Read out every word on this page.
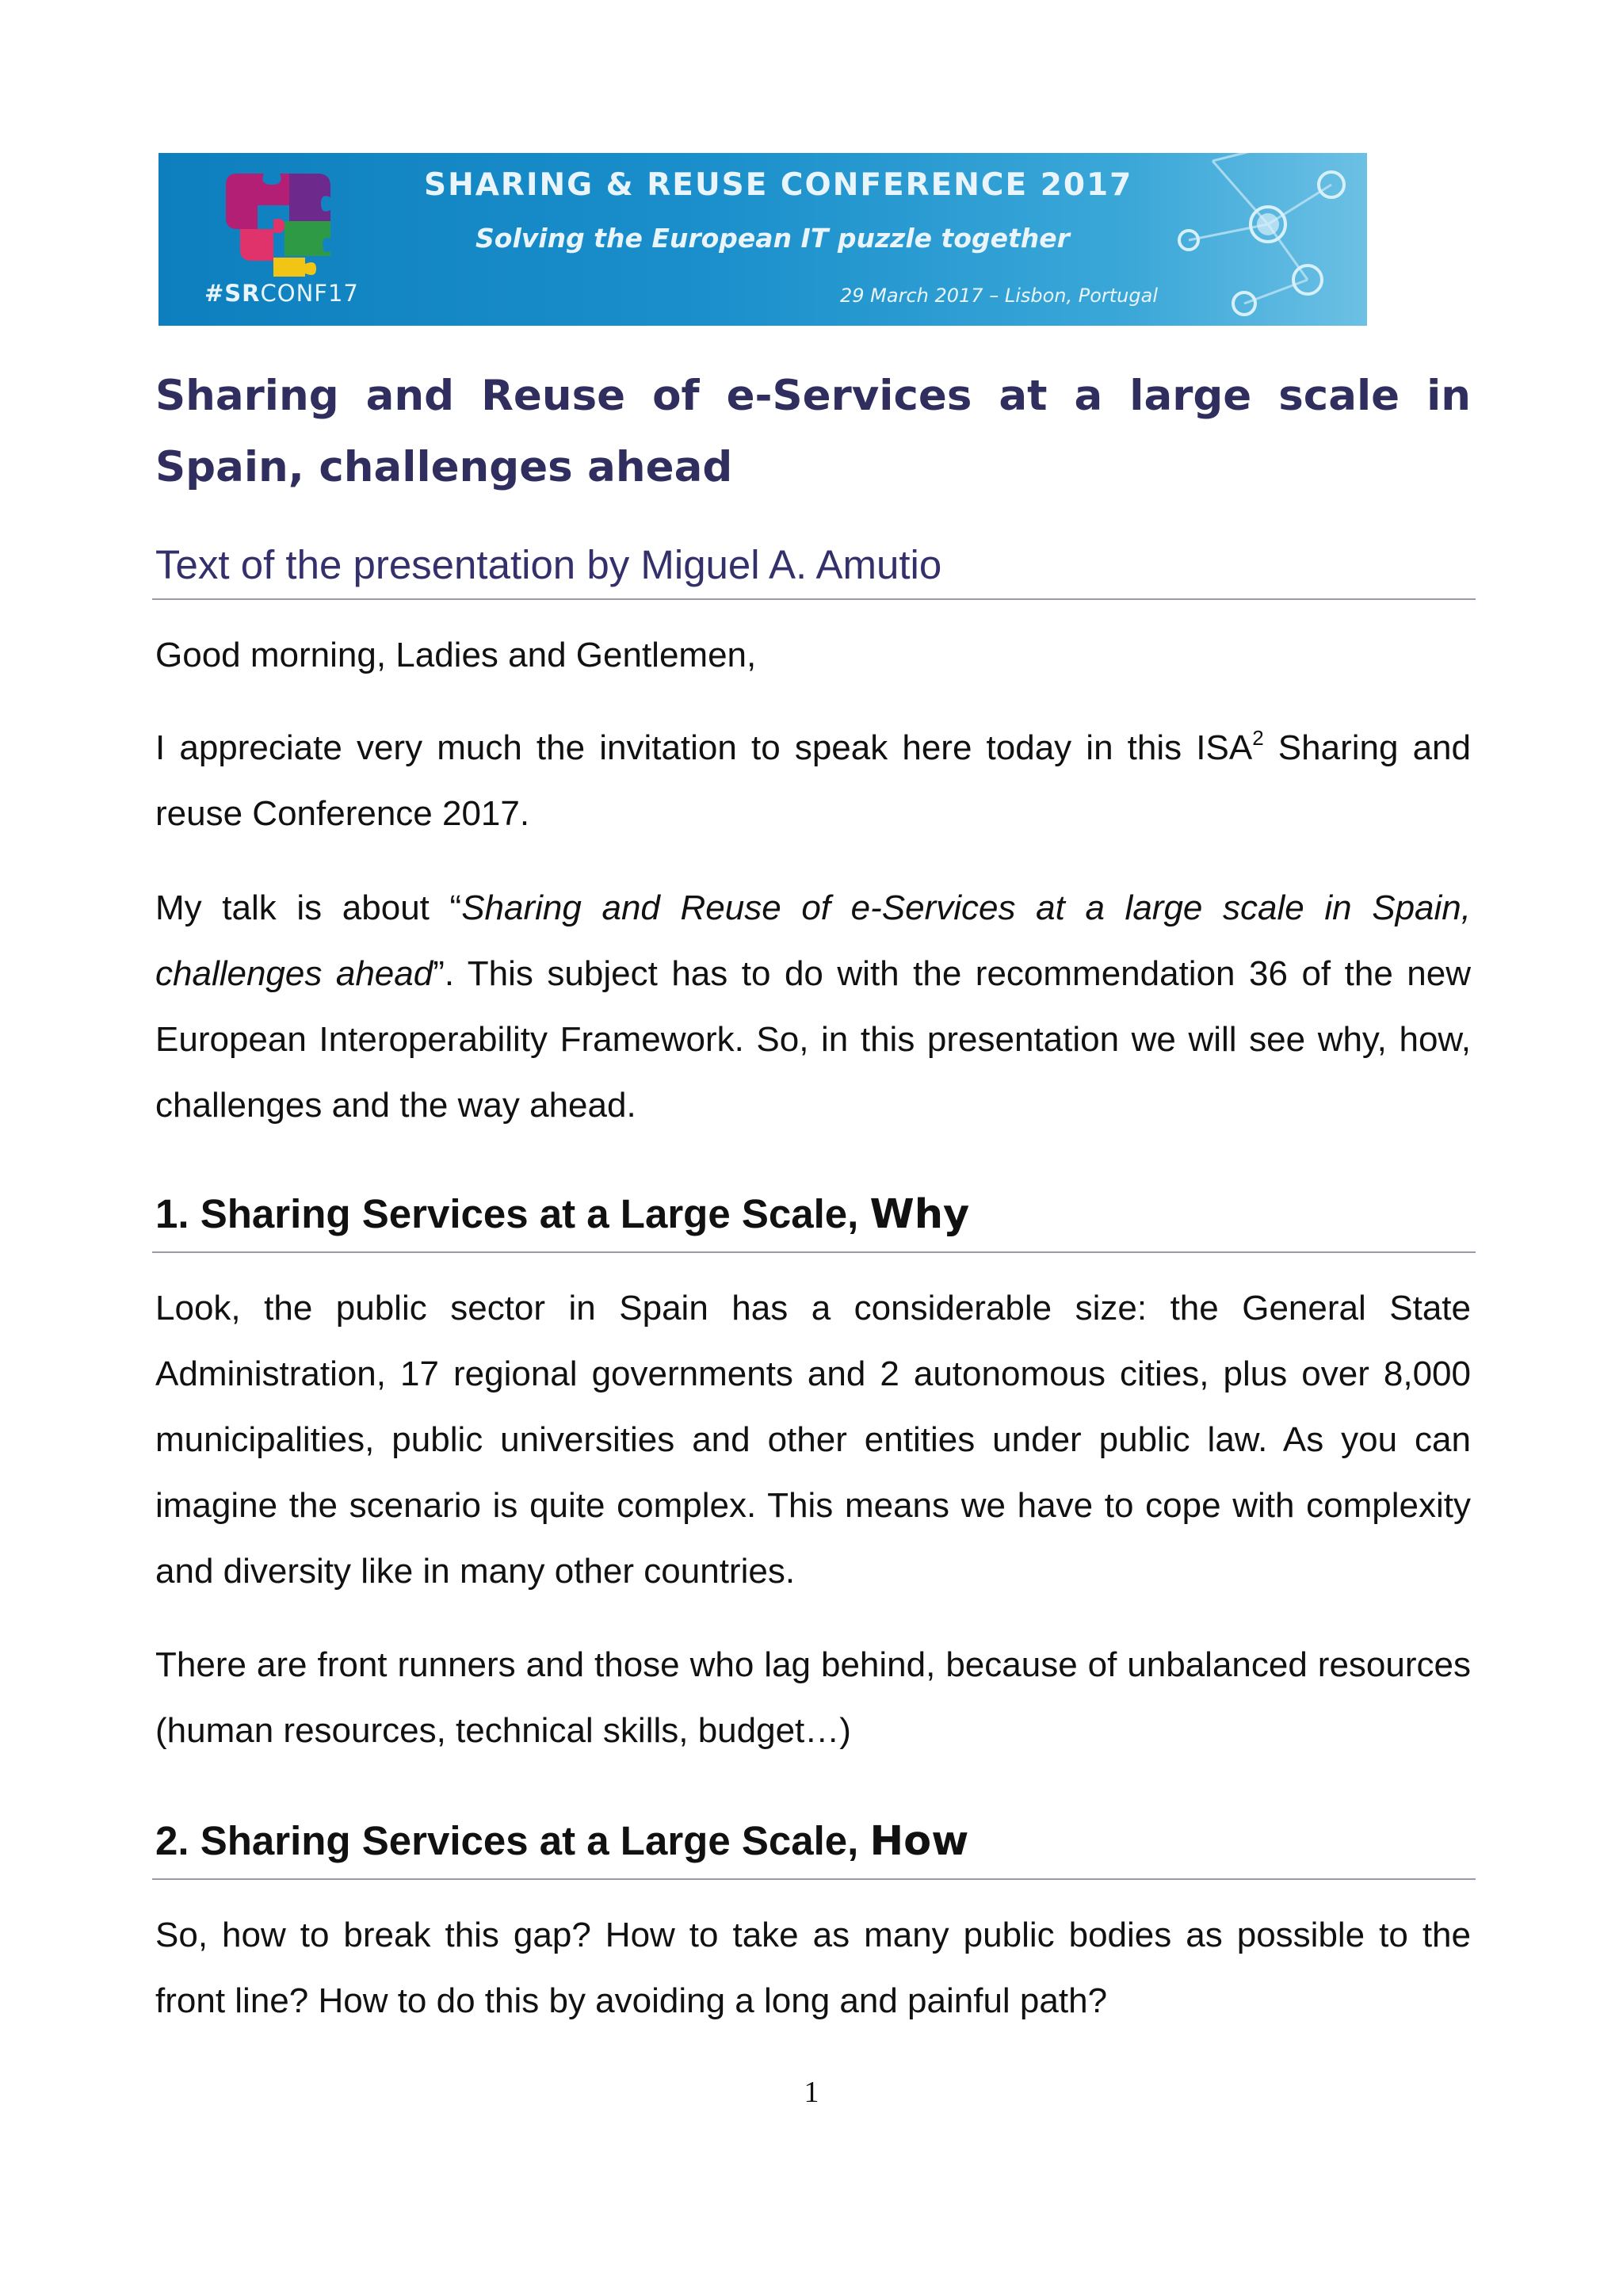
SHARING & REUSE CONFERENCE 2017
Solving the European IT puzzle together
#SRCONF17	29 March 2017 – Lisbon, Portugal
Sharing and Reuse of e-Services at a large scale in Spain, challenges ahead
Text of the presentation by Miguel A. Amutio

Good morning, Ladies and Gentlemen,

I appreciate very much the invitation to speak here today in this ISA$^2$ Sharing and reuse Conference 2017.

My talk is about “Sharing and Reuse of e-Services at a large scale in Spain, challenges ahead”. This subject has to do with the recommendation 36 of the new European Interoperability Framework. So, in this presentation we will see why, how, challenges and the way ahead.

1. Sharing Services at a Large Scale, Why

Look, the public sector in Spain has a considerable size: the General State Administration, 17 regional governments and 2 autonomous cities, plus over 8,000 municipalities, public universities and other entities under public law. As you can imagine the scenario is quite complex. This means we have to cope with complexity and diversity like in many other countries.

There are front runners and those who lag behind, because of unbalanced resources (human resources, technical skills, budget…)

2. Sharing Services at a Large Scale, How

So, how to break this gap? How to take as many public bodies as possible to the front line? How to do this by avoiding a long and painful path?

1
